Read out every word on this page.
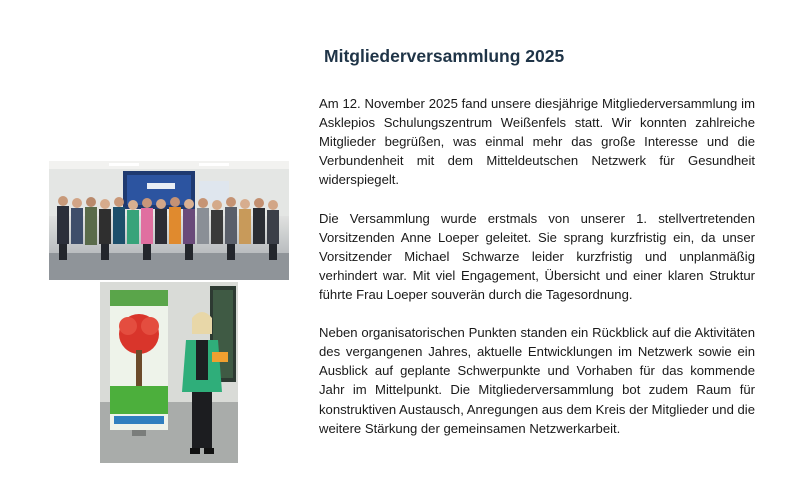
Mitgliederversammlung 2025

Am 12. November 2025 fand unsere diesjährige Mitgliederversammlung im Asklepios Schulungszentrum Weißenfels statt. Wir konnten zahlreiche Mitglieder begrüßen, was einmal mehr das große Interesse und die Verbundenheit mit dem Mitteldeutschen Netzwerk für Gesundheit widerspiegelt.

Die Versammlung wurde erstmals von unserer 1. stellvertretenden Vorsitzenden Anne Loeper geleitet. Sie sprang kurzfristig ein, da unser Vorsitzender Michael Schwarze leider kurzfristig und unplanmäßig verhindert war. Mit viel Engagement, Übersicht und einer klaren Struktur führte Frau Loeper souverän durch die Tagesordnung.

Neben organisatorischen Punkten standen ein Rückblick auf die Aktivitäten des vergangenen Jahres, aktuelle Entwicklungen im Netzwerk sowie ein Ausblick auf geplante Schwerpunkte und Vorhaben für das kommende Jahr im Mittelpunkt. Die Mitgliederversammlung bot zudem Raum für konstruktiven Austausch, Anregungen aus dem Kreis der Mitglieder und die weitere Stärkung der gemeinsamen Netzwerkarbeit.
